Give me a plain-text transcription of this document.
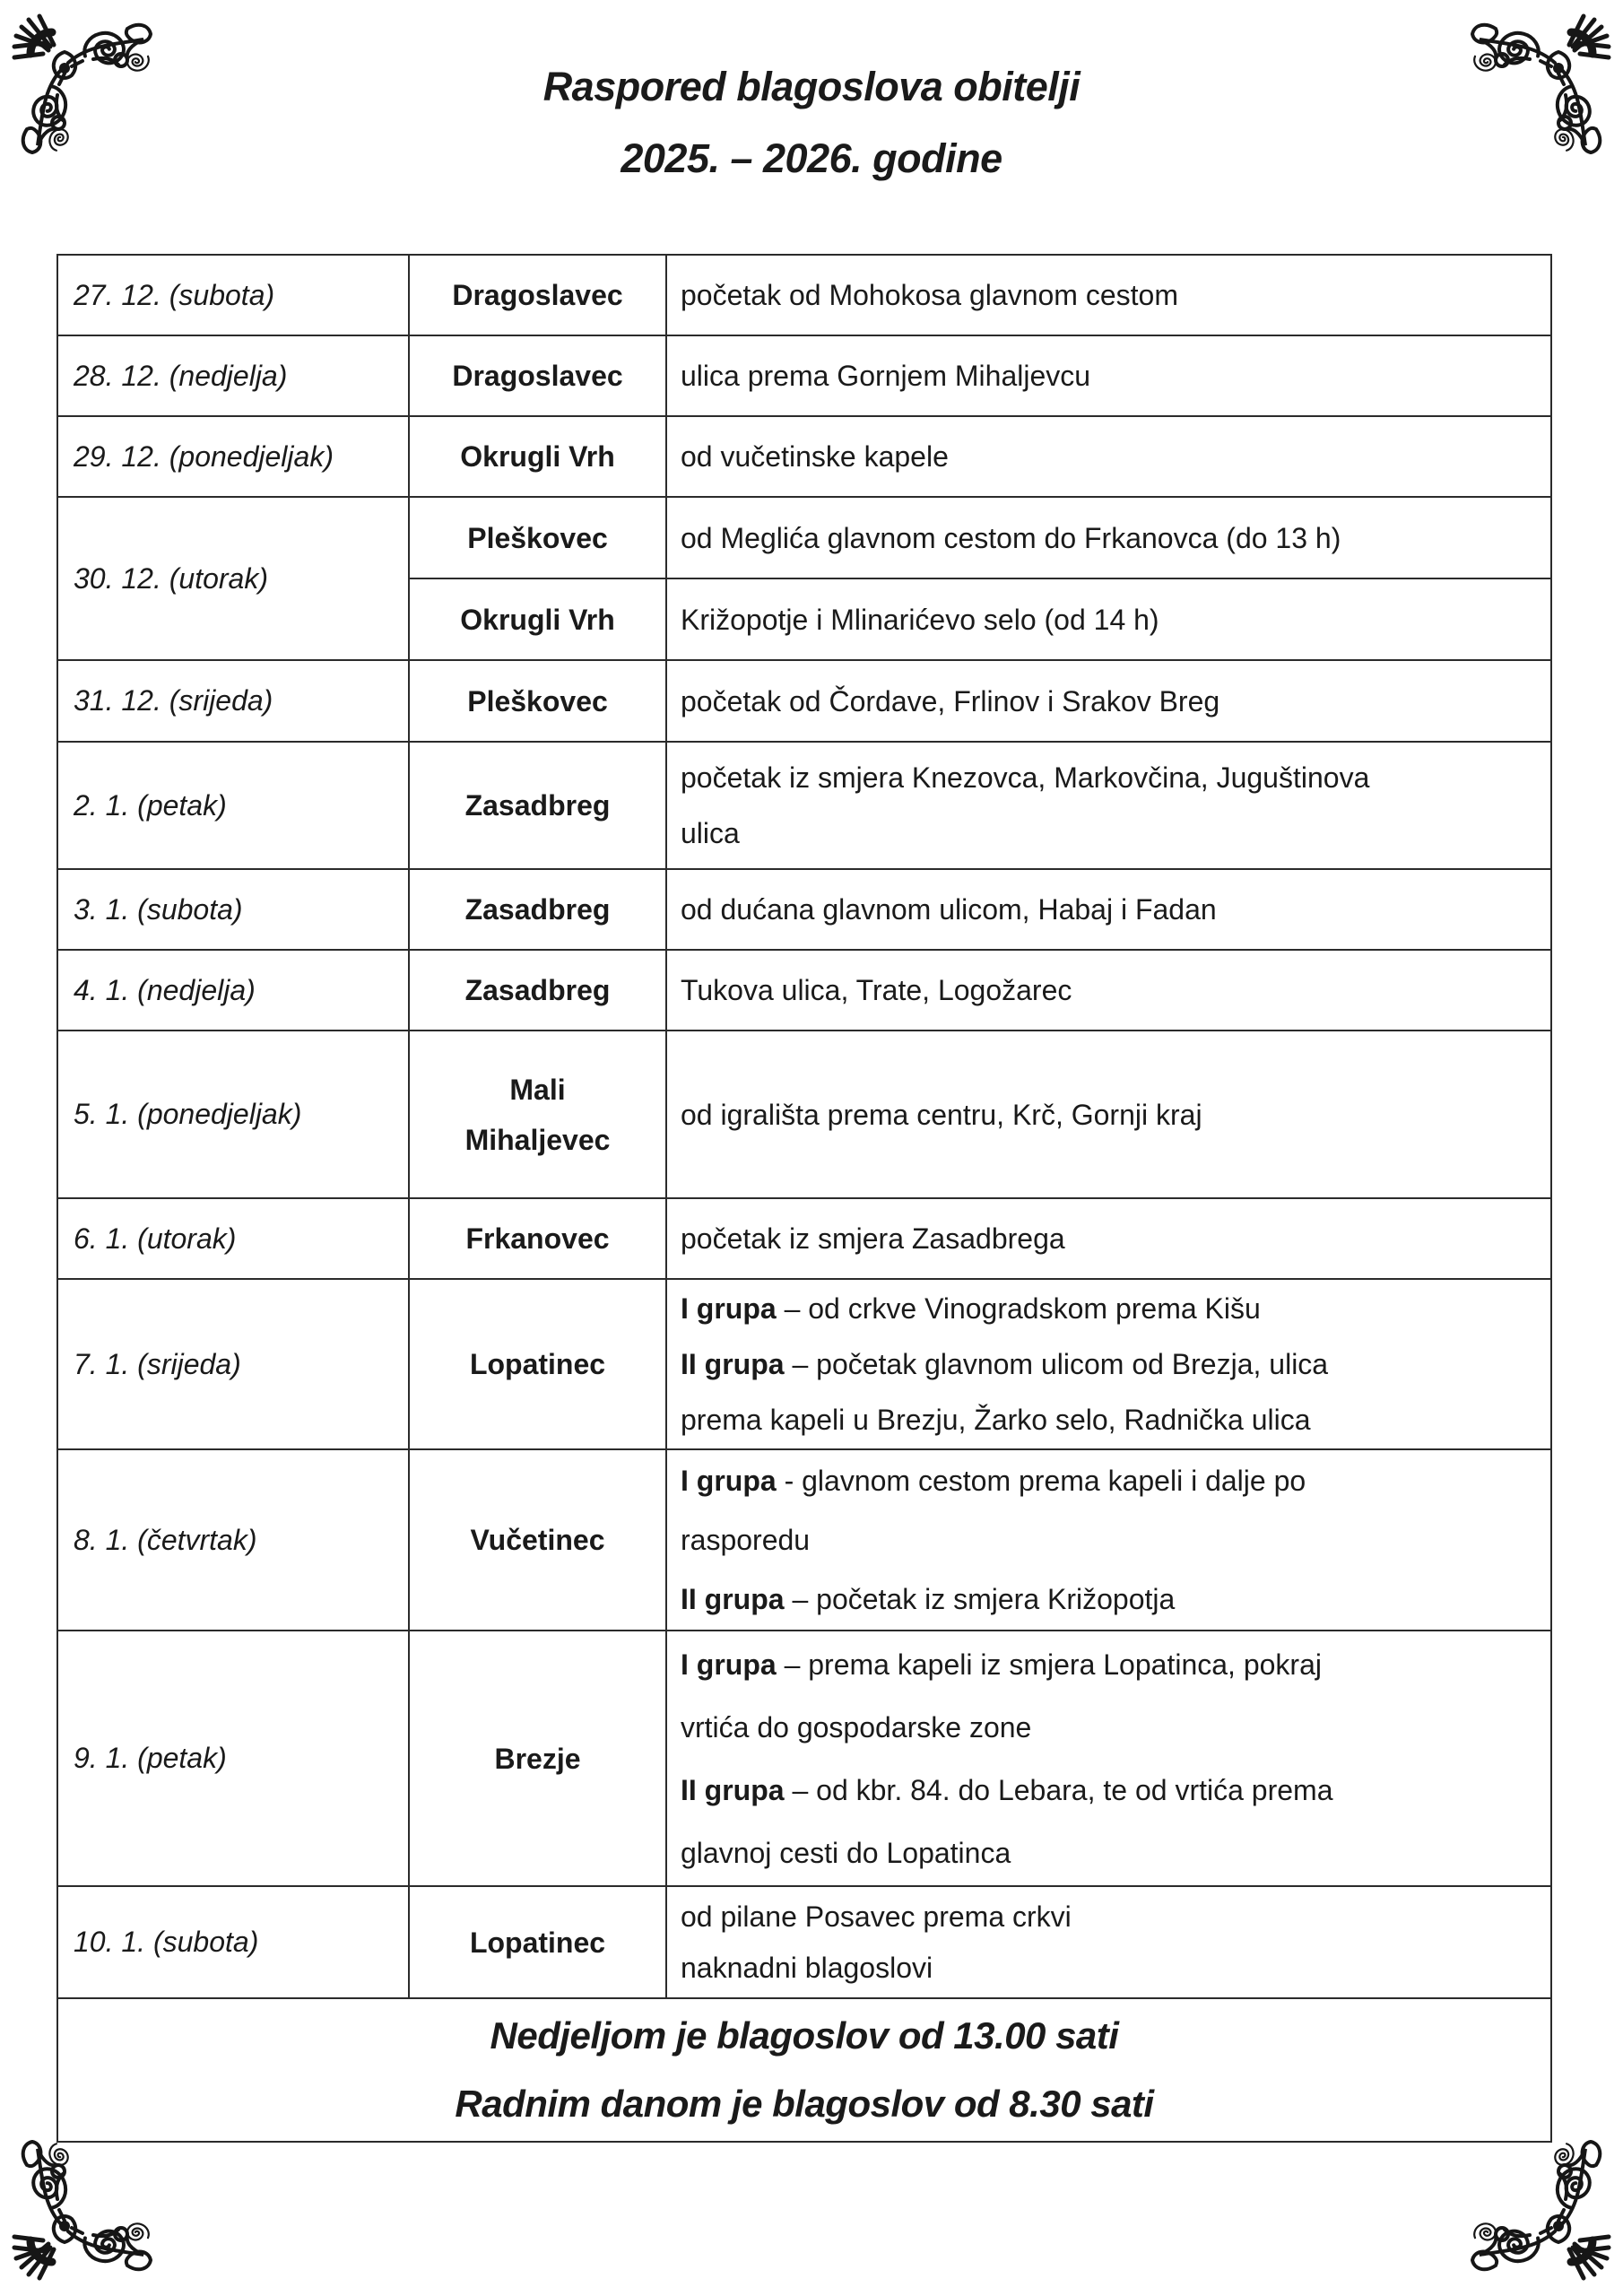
Raspored blagoslova obitelji
2025. – 2026. godine
27. 12. (subota)	Dragoslavec	početak od Mohokosa glavnom cestom

28. 12. (nedjelja)	Dragoslavec	ulica prema Gornjem Mihaljevcu

29. 12. (ponedjeljak)	Okrugli Vrh	od vučetinske kapele

30. 12. (utorak)	Pleškovec	od Meglića glavnom cestom do Frkanovca (do 13 h)

	Okrugli Vrh	Križopotje i Mlinarićevo selo (od 14 h)

31. 12. (srijeda)	Pleškovec	početak od Čordave, Frlinov i Srakov Breg

2. 1. (petak)	Zasadbreg	početak iz smjera Knezovca, Markovčina, Juguštinova
ulica

3. 1. (subota)	Zasadbreg	od dućana glavnom ulicom, Habaj i Fadan

4. 1. (nedjelja)	Zasadbreg	Tukova ulica, Trate, Logožarec

5. 1. (ponedjeljak)	Mali Mihaljevec	od igrališta prema centru, Krč, Gornji kraj

6. 1. (utorak)	Frkanovec	početak iz smjera Zasadbrega

7. 1. (srijeda)	Lopatinec	I grupa – od crkve Vinogradskom prema Kišu
II grupa – početak glavnom ulicom od Brezja, ulica
prema kapeli u Brezju, Žarko selo, Radnička ulica

8. 1. (četvrtak)	Vučetinec	I grupa - glavnom cestom prema kapeli i dalje po
rasporedu
II grupa – početak iz smjera Križopotja

9. 1. (petak)	Brezje	I grupa – prema kapeli iz smjera Lopatinca, pokraj
vrtića do gospodarske zone
II grupa – od kbr. 84. do Lebara, te od vrtića prema
glavnoj cesti do Lopatinca

10. 1. (subota)	Lopatinec	od pilane Posavec prema crkvi
naknadni blagoslovi

Nedjeljom je blagoslov od 13.00 sati
Radnim danom je blagoslov od 8.30 sati		
